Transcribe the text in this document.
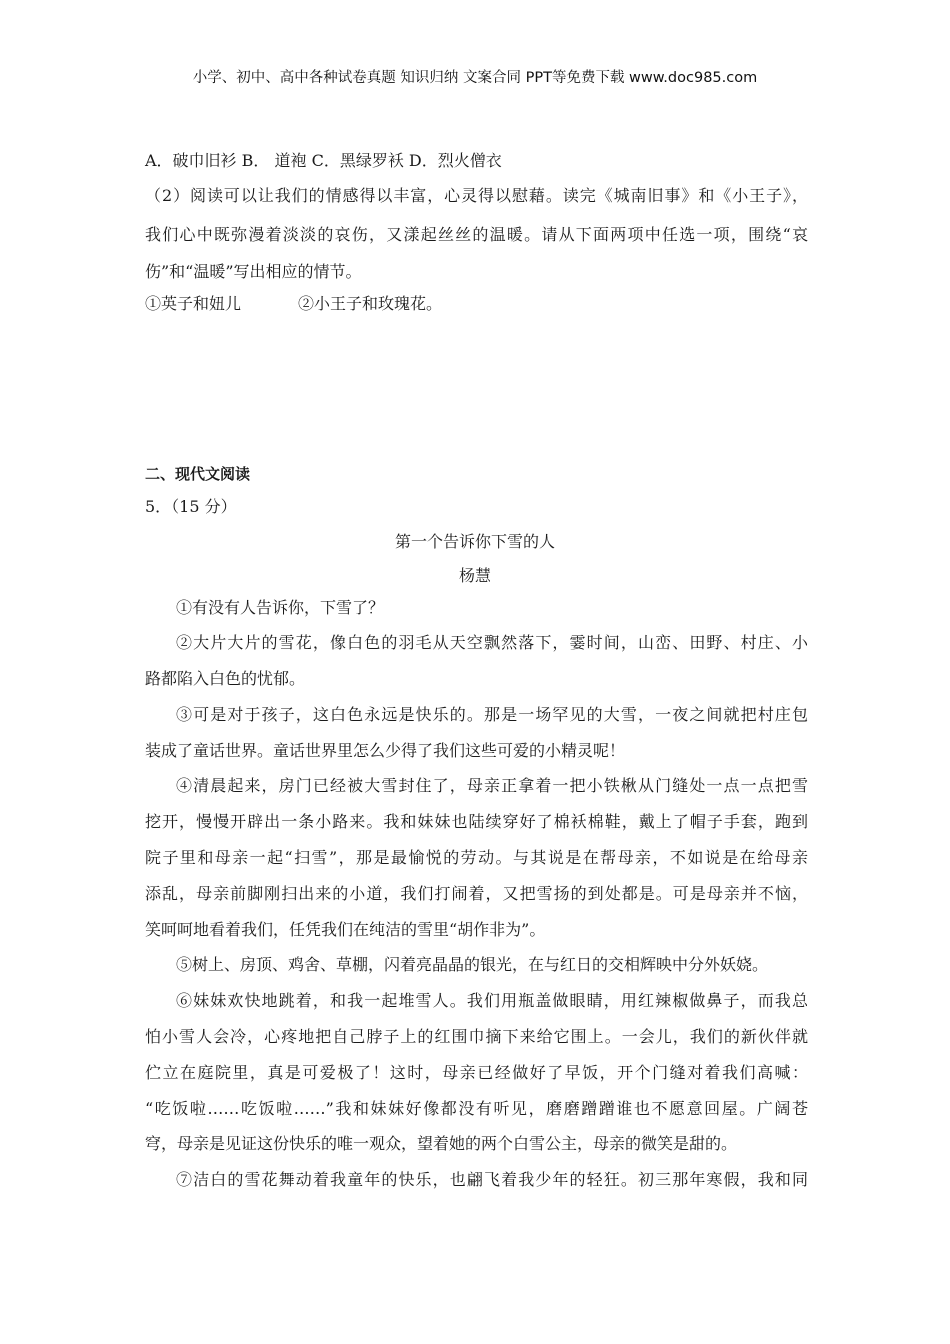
小学、初中、高中各种试卷真题 知识归纳 文案合同 PPT等免费下载 www.doc985.com
A．破巾旧衫 B． 道袍 C．黑绿罗袄 D．烈火僧衣
（2）阅读可以让我们的情感得以丰富，心灵得以慰藉。读完《城南旧事》和《小王子》，
我们心中既弥漫着淡淡的哀伤，又漾起丝丝的温暖。请从下面两项中任选一项，围绕“哀
伤”和“温暖”写出相应的情节。
①英子和妞儿	②小王子和玫瑰花。
二、现代文阅读
5．（15 分）
第一个告诉你下雪的人
杨慧
①有没有人告诉你，下雪了？
②大片大片的雪花，像白色的羽毛从天空飘然落下，霎时间，山峦、田野、村庄、小
路都陷入白色的忧郁。
③可是对于孩子，这白色永远是快乐的。那是一场罕见的大雪，一夜之间就把村庄包
装成了童话世界。童话世界里怎么少得了我们这些可爱的小精灵呢！
④清晨起来，房门已经被大雪封住了，母亲正拿着一把小铁楸从门缝处一点一点把雪
挖开，慢慢开辟出一条小路来。我和妹妹也陆续穿好了棉袄棉鞋，戴上了帽子手套，跑到
院子里和母亲一起“扫雪”，那是最愉悦的劳动。与其说是在帮母亲，不如说是在给母亲
添乱，母亲前脚刚扫出来的小道，我们打闹着，又把雪扬的到处都是。可是母亲并不恼，
笑呵呵地看着我们，任凭我们在纯洁的雪里“胡作非为”。
⑤树上、房顶、鸡舍、草棚，闪着亮晶晶的银光，在与红日的交相辉映中分外妖娆。
⑥妹妹欢快地跳着，和我一起堆雪人。我们用瓶盖做眼睛，用红辣椒做鼻子，而我总
怕小雪人会冷，心疼地把自己脖子上的红围巾摘下来给它围上。一会儿，我们的新伙伴就
伫立在庭院里，真是可爱极了！这时，母亲已经做好了早饭，开个门缝对着我们高喊：
“吃饭啦……吃饭啦……”我和妹妹好像都没有听见，磨磨蹭蹭谁也不愿意回屋。广阔苍
穹，母亲是见证这份快乐的唯一观众，望着她的两个白雪公主，母亲的微笑是甜的。
⑦洁白的雪花舞动着我童年的快乐，也翩飞着我少年的轻狂。初三那年寒假，我和同
